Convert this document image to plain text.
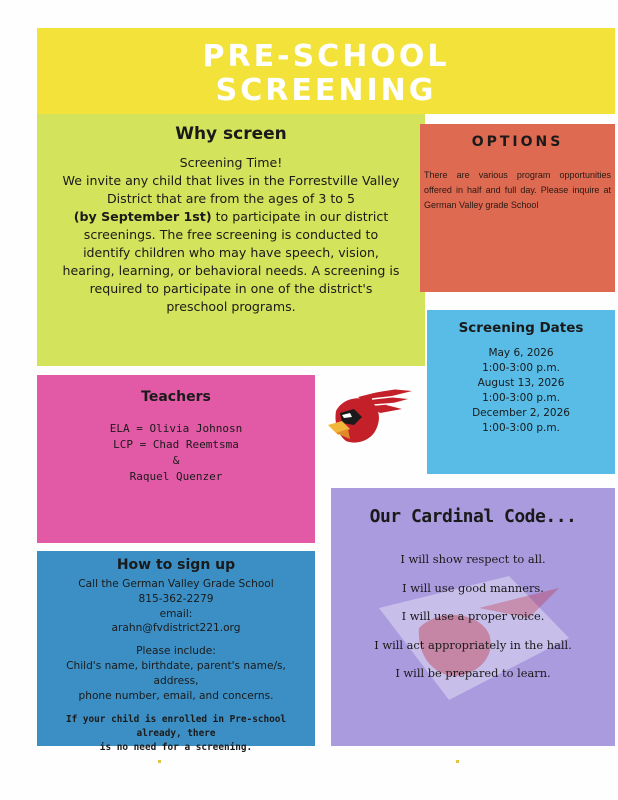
PRE-SCHOOL
SCREENING
Why screen

Screening Time!
We invite any child that lives in the Forrestville Valley
District that are from the ages of 3 to 5
(by September 1st) to participate in our district
screenings. The free screening is conducted to
identify children who may have speech, vision,
hearing, learning, or behavioral needs. A screening is
required to participate in one of the district's
preschool programs.

OPTIONS

There are various program opportunities offered in half and full day. Please inquire at German Valley grade School

Screening Dates
May 6, 2026
1:00-3:00 p.m.
August 13, 2026
1:00-3:00 p.m.
December 2, 2026
1:00-3:00 p.m.
Teachers
ELA = Olivia Johnosn
LCP = Chad Reemtsma
&
Raquel Quenzer
How to sign up
Call the German Valley Grade School
815-362-2279
email:
arahn@fvdistrict221.org
Please include:
Child's name, birthdate, parent's name/s, address,
phone number, email, and concerns.
If your child is enrolled in Pre-school already, there
is no need for a screening.
Our Cardinal Code...
I will show respect to all.
I will use good manners.
I will use a proper voice.
I will act appropriately in the hall.
I will be prepared to learn.
